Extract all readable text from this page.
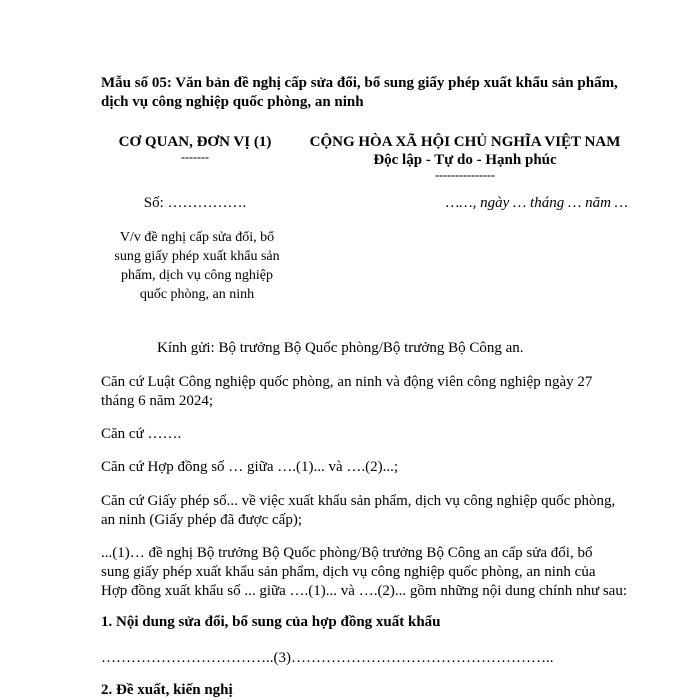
Mẫu số 05: Văn bản đề nghị cấp sửa đổi, bổ sung giấy phép xuất khẩu sản phẩm,

dịch vụ công nghiệp quốc phòng, an ninh

CƠ QUAN, ĐƠN VỊ (1)

-------

CỘNG HÒA XÃ HỘI CHỦ NGHĨA VIỆT NAM

Độc lập - Tự do - Hạnh phúc

---------------

Số: …………….	……, ngày … tháng … năm …

V/v đề nghị cấp sửa đổi, bổ

sung giấy phép xuất khẩu sản

phẩm, dịch vụ công nghiệp

quốc phòng, an ninh

Kính gửi: Bộ trưởng Bộ Quốc phòng/Bộ trưởng Bộ Công an.

Căn cứ Luật Công nghiệp quốc phòng, an ninh và động viên công nghiệp ngày 27

tháng 6 năm 2024;

Căn cứ …….

Căn cứ Hợp đồng số … giữa ….(1)... và ….(2)...;

Căn cứ Giấy phép số... về việc xuất khẩu sản phẩm, dịch vụ công nghiệp quốc phòng,

an ninh (Giấy phép đã được cấp);

...(1)… đề nghị Bộ trưởng Bộ Quốc phòng/Bộ trưởng Bộ Công an cấp sửa đổi, bổ

sung giấy phép xuất khẩu sản phẩm, dịch vụ công nghiệp quốc phòng, an ninh của

Hợp đồng xuất khẩu số ... giữa ….(1)... và ….(2)... gồm những nội dung chính như sau:

1. Nội dung sửa đổi, bổ sung của hợp đồng xuất khẩu

……………………………..(3)……………………………………………..

2. Đề xuất, kiến nghị
